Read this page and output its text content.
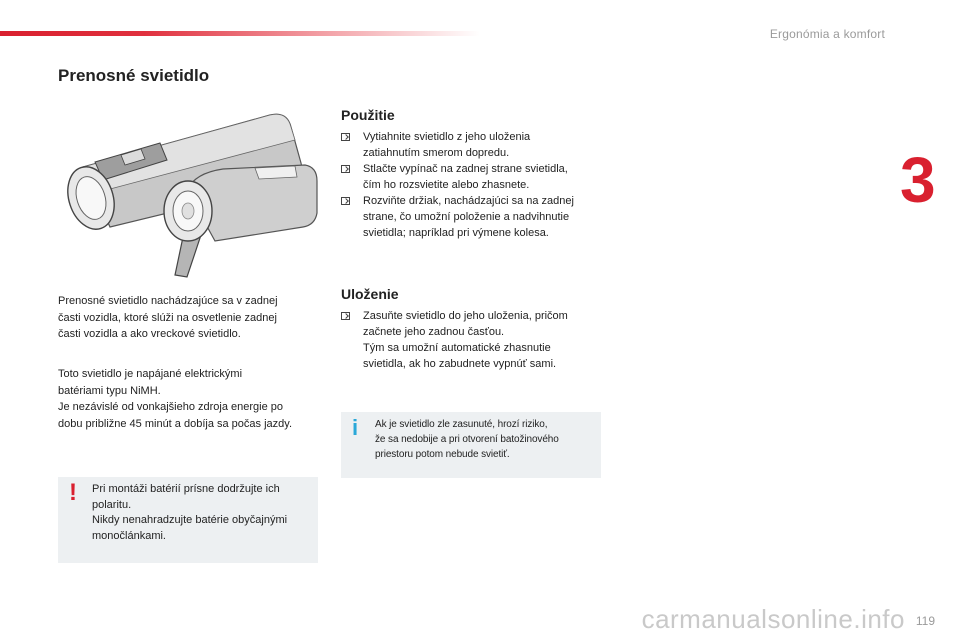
Ergonómia a komfort
3
Prenosné svietidlo
Prenosné svietidlo nachádzajúce sa v zadnej
časti vozidla, ktoré slúži na osvetlenie zadnej
časti vozidla a ako vreckové svietidlo.
Toto svietidlo je napájané elektrickými
batériami typu NiMH.
Je nezávislé od vonkajšieho zdroja energie po
dobu približne 45 minút a dobíja sa počas jazdy.
! Pri montáži batérií prísne dodržujte ich
polaritu.
Nikdy nenahradzujte batérie obyčajnými
monočlánkami.
Použitie
Vytiahnite svietidlo z jeho uloženia
zatiahnutím smerom dopredu.
Stlačte vypínač na zadnej strane svietidla,
čím ho rozsvietite alebo zhasnete.
Rozviňte držiak, nachádzajúci sa na zadnej
strane, čo umožní položenie a nadvihnutie
svietidla; napríklad pri výmene kolesa.
Uloženie
Zasuňte svietidlo do jeho uloženia, pričom
začnete jeho zadnou časťou.
Tým sa umožní automatické zhasnutie
svietidla, ak ho zabudnete vypnúť sami.
i Ak je svietidlo zle zasunuté, hrozí riziko,
že sa nedobije a pri otvorení batožinového
priestoru potom nebude svietiť.
carmanualsonline.info 119
